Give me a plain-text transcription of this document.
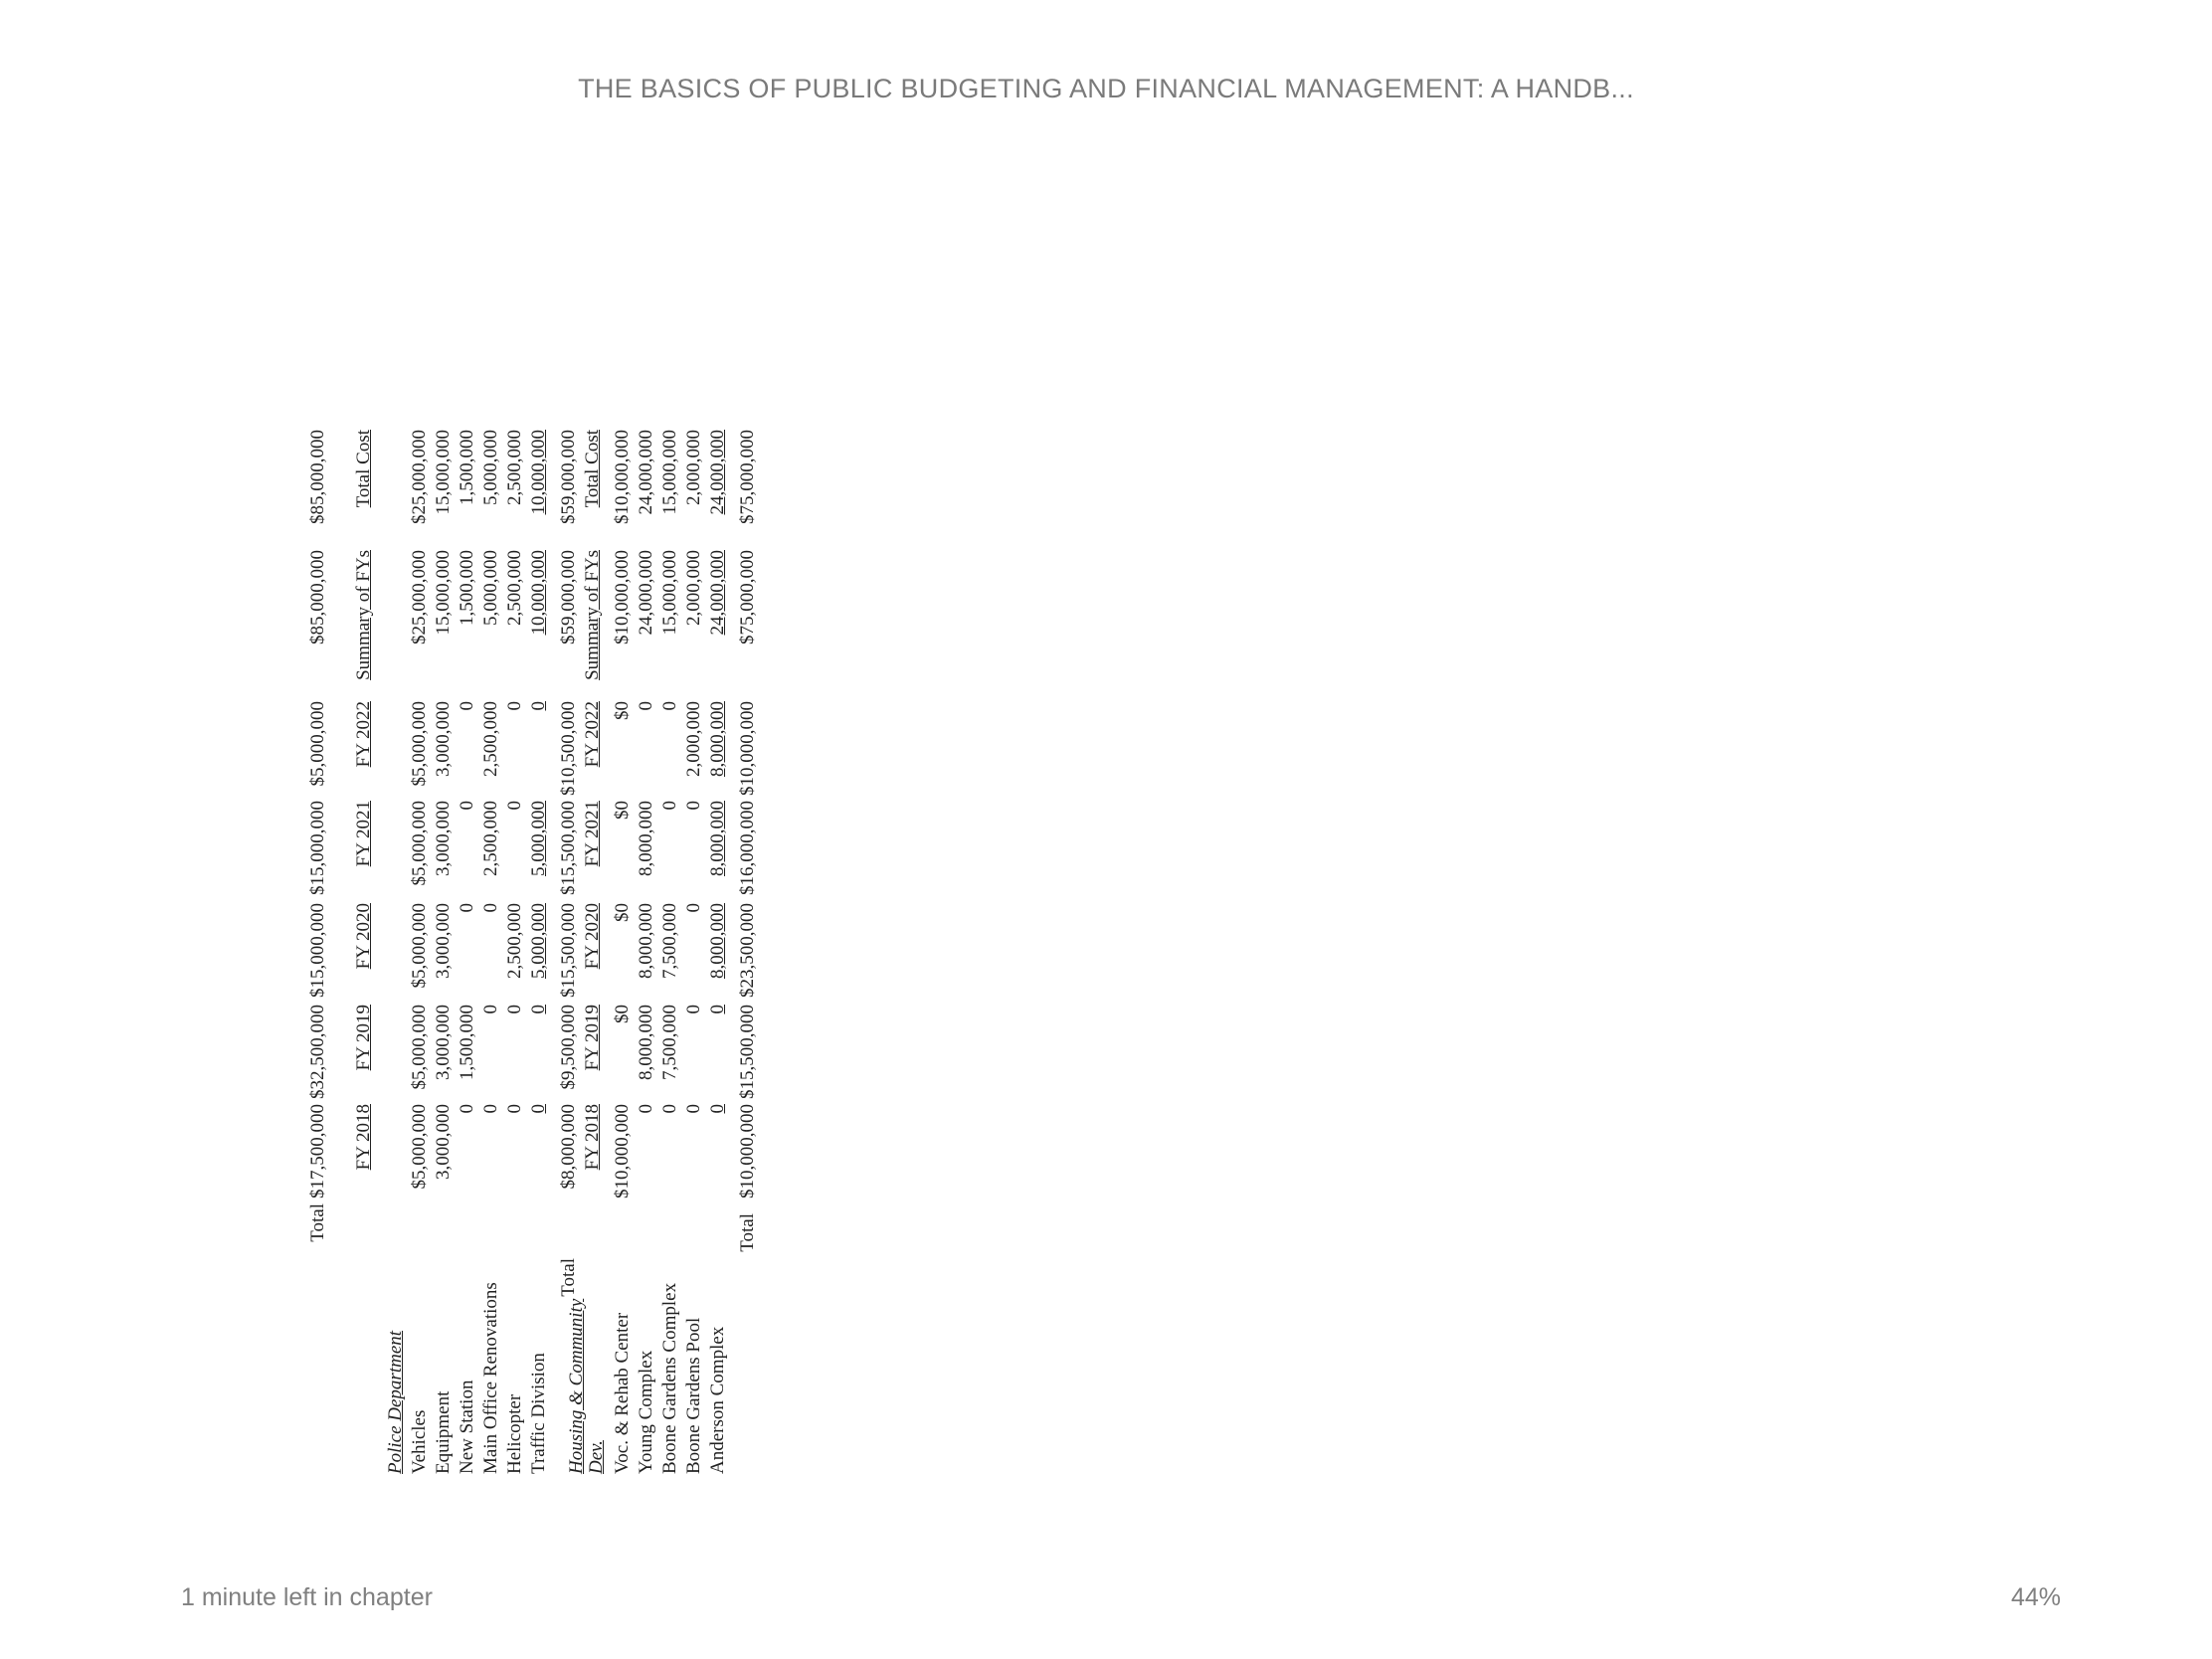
THE BASICS OF PUBLIC BUDGETING AND FINANCIAL MANAGEMENT: A HANDB...
Total
$17,500,000
$32,500,000
$15,000,000
$15,000,000
$5,000,000
$85,000,000
$85,000,000
FY 2018
FY 2019
FY 2020
FY 2021
FY 2022
Summary of FYs
Total Cost
Police Department Vehicles
$5,000,000
$5,000,000
$5,000,000
$5,000,000
$5,000,000
$25,000,000
$25,000,000
Equipment
3,000,000
3,000,000
3,000,000
3,000,000
3,000,000
15,000,000
15,000,000
New Station
0
1,500,000
0
0
0
1,500,000
1,500,000
Main Office Renovations
0
0
0
2,500,000
2,500,000
5,000,000
5,000,000
Helicopter
0
0
2,500,000
0
0
2,500,000
2,500,000
Traffic Division
0
0
5,000,000
5,000,000
0
10,000,000
10,000,000
Total
$8,000,000
$9,500,000
$15,500,000
$15,500,000
$10,500,000
$59,000,000
$59,000,000
FY 2018
FY 2019
FY 2020
FY 2021
FY 2022
Summary of FYs
Total Cost
Housing & Community Dev. Voc. & Rehab Center
$10,000,000
$0
$0
$0
$0
$10,000,000
$10,000,000
Young Complex
0
8,000,000
8,000,000
8,000,000
0
24,000,000
24,000,000
Boone Gardens Complex
0
7,500,000
7,500,000
0
0
15,000,000
15,000,000
Boone Gardens Pool
0
0
0
0
2,000,000
2,000,000
2,000,000
Anderson Complex
0
0
8,000,000
8,000,000
8,000,000
24,000,000
24,000,000
Total
$10,000,000
$15,500,000
$23,500,000
$16,000,000
$10,000,000
$75,000,000
$75,000,000
1 minute left in chapter	44%
